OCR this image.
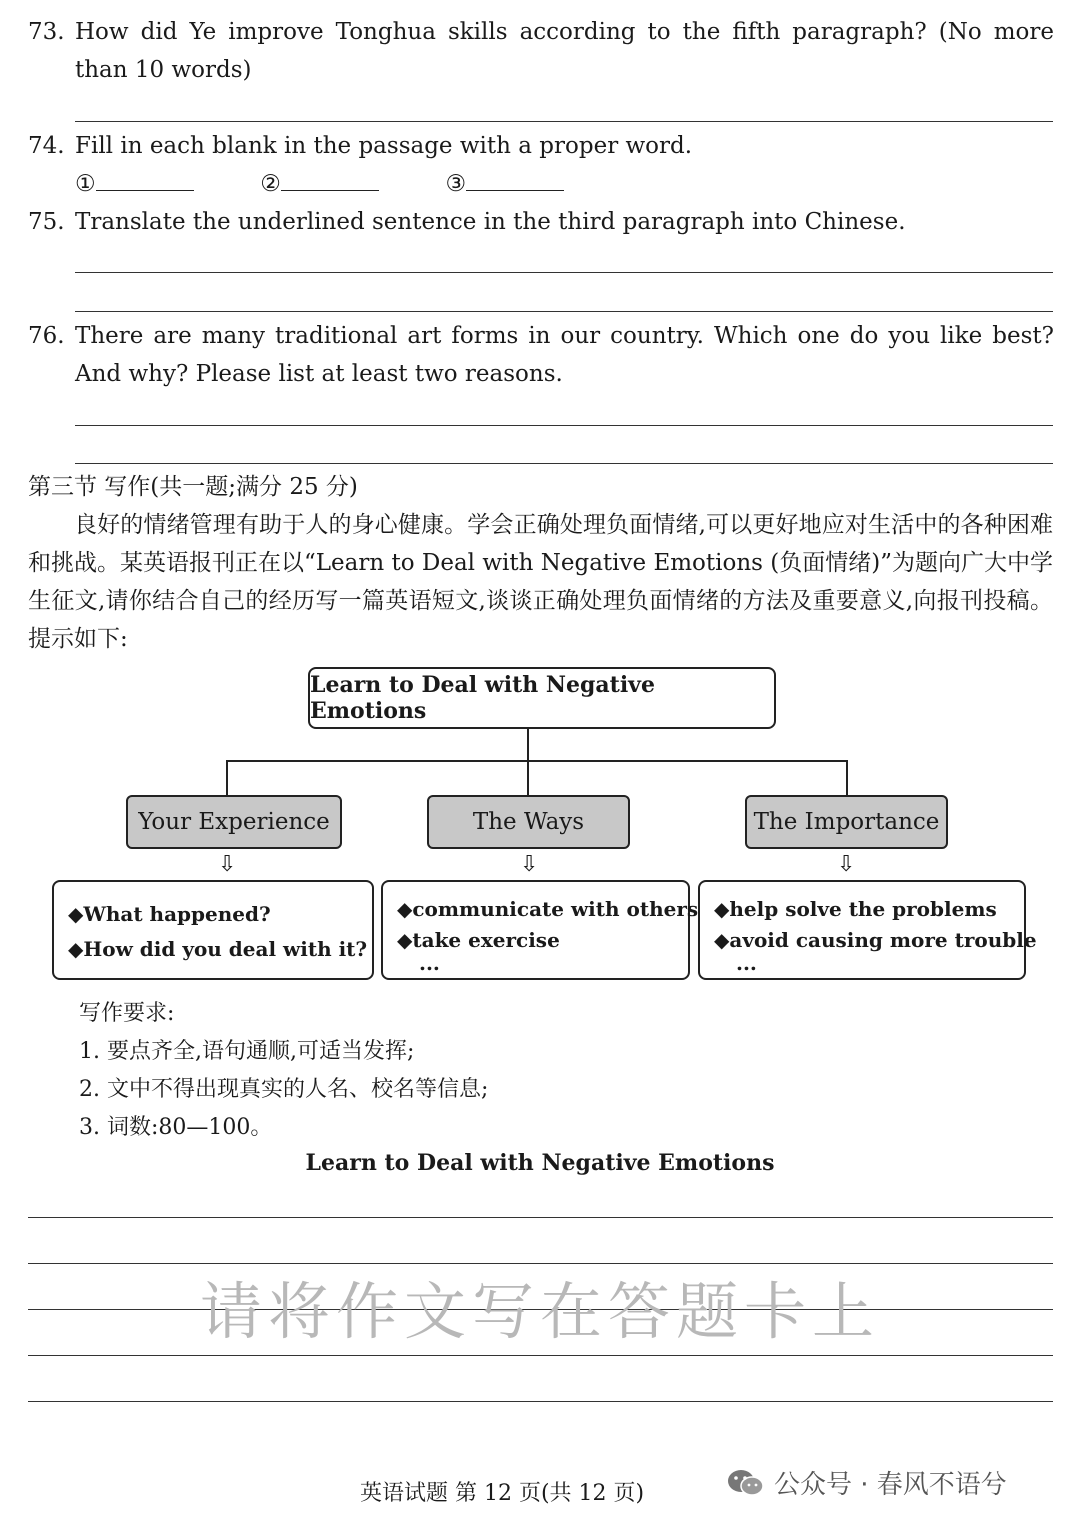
73. How did Ye improve Tonghua skills according to the fifth paragraph? (No more than 10 words)
74. Fill in each blank in the passage with a proper word.
①	②	③
75. Translate the underlined sentence in the third paragraph into Chinese.
76. There are many traditional art forms in our country. Which one do you like best? And why? Please list at least two reasons.
第三节 写作(共一题;满分 25 分)
良好的情绪管理有助于人的身心健康。学会正确处理负面情绪,可以更好地应对生活中的各种困难和挑战。某英语报刊正在以“Learn to Deal with Negative Emotions (负面情绪)”为题向广大中学生征文,请你结合自己的经历写一篇英语短文,谈谈正确处理负面情绪的方法及重要意义,向报刊投稿。提示如下:
Learn to Deal with Negative Emotions
Your Experience	The Ways	The Importance
⇩	⇩	⇩
◆What happened?
◆How did you deal with it?
◆communicate with others
◆take exercise
...
◆help solve the problems
◆avoid causing more trouble
...
写作要求:
1. 要点齐全,语句通顺,可适当发挥;
2. 文中不得出现真实的人名、校名等信息;
3. 词数:80—100。
Learn to Deal with Negative Emotions
请将作文写在答题卡上
英语试题 第 12 页(共 12 页)	公众号 · 春风不语兮
